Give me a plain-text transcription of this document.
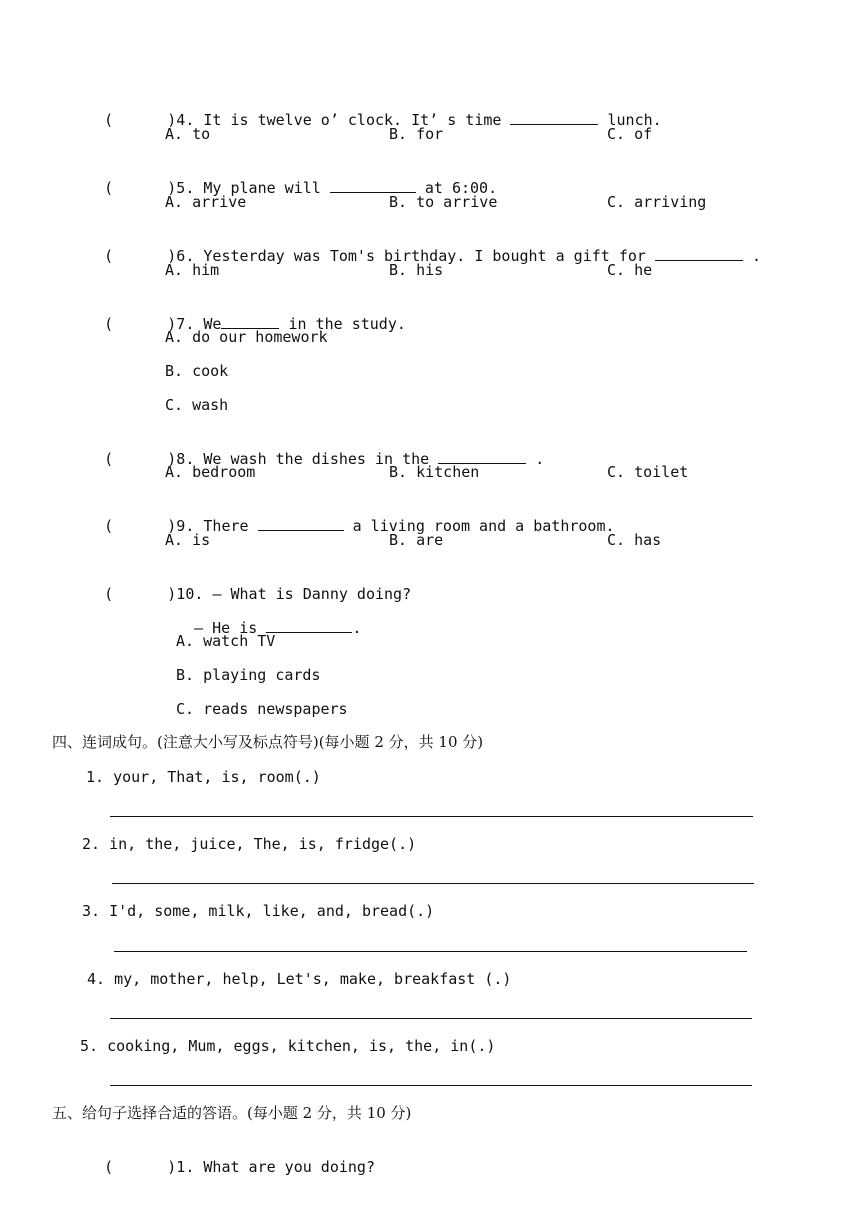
(      )4. It is twelve o’ clock. It’ s time	lunch.

A. to	B. for	C. of

(      )5. My plane will	at 6:00.

A. arrive	B. to arrive	C. arriving

(      )6. Yesterday was Tom's birthday. I bought a gift for	.

A. him	B. his	C. he

(      )7. We	in the study.

A. do our homework
B. cook
C. wash

(      )8. We wash the dishes in the	.

A. bedroom	B. kitchen	C. toilet

(      )9. There	a living room and a bathroom.

A. is	B. are	C. has

(      )10. — What is Danny doing?

— He is	.

A. watch TV
B. playing cards
C. reads newspapers
四、连词成句。(注意大小写及标点符号)(每小题 2 分，共 10 分)
1. your, That, is, room(.)
2. in, the, juice, The, is, fridge(.)
3. I'd, some, milk, like, and, bread(.)
4. my, mother, help, Let's, make, breakfast (.)
5. cooking, Mum, eggs, kitchen, is, the, in(.)
五、给句子选择合适的答语。(每小题 2 分，共 10 分)

(      )1. What are you doing?
